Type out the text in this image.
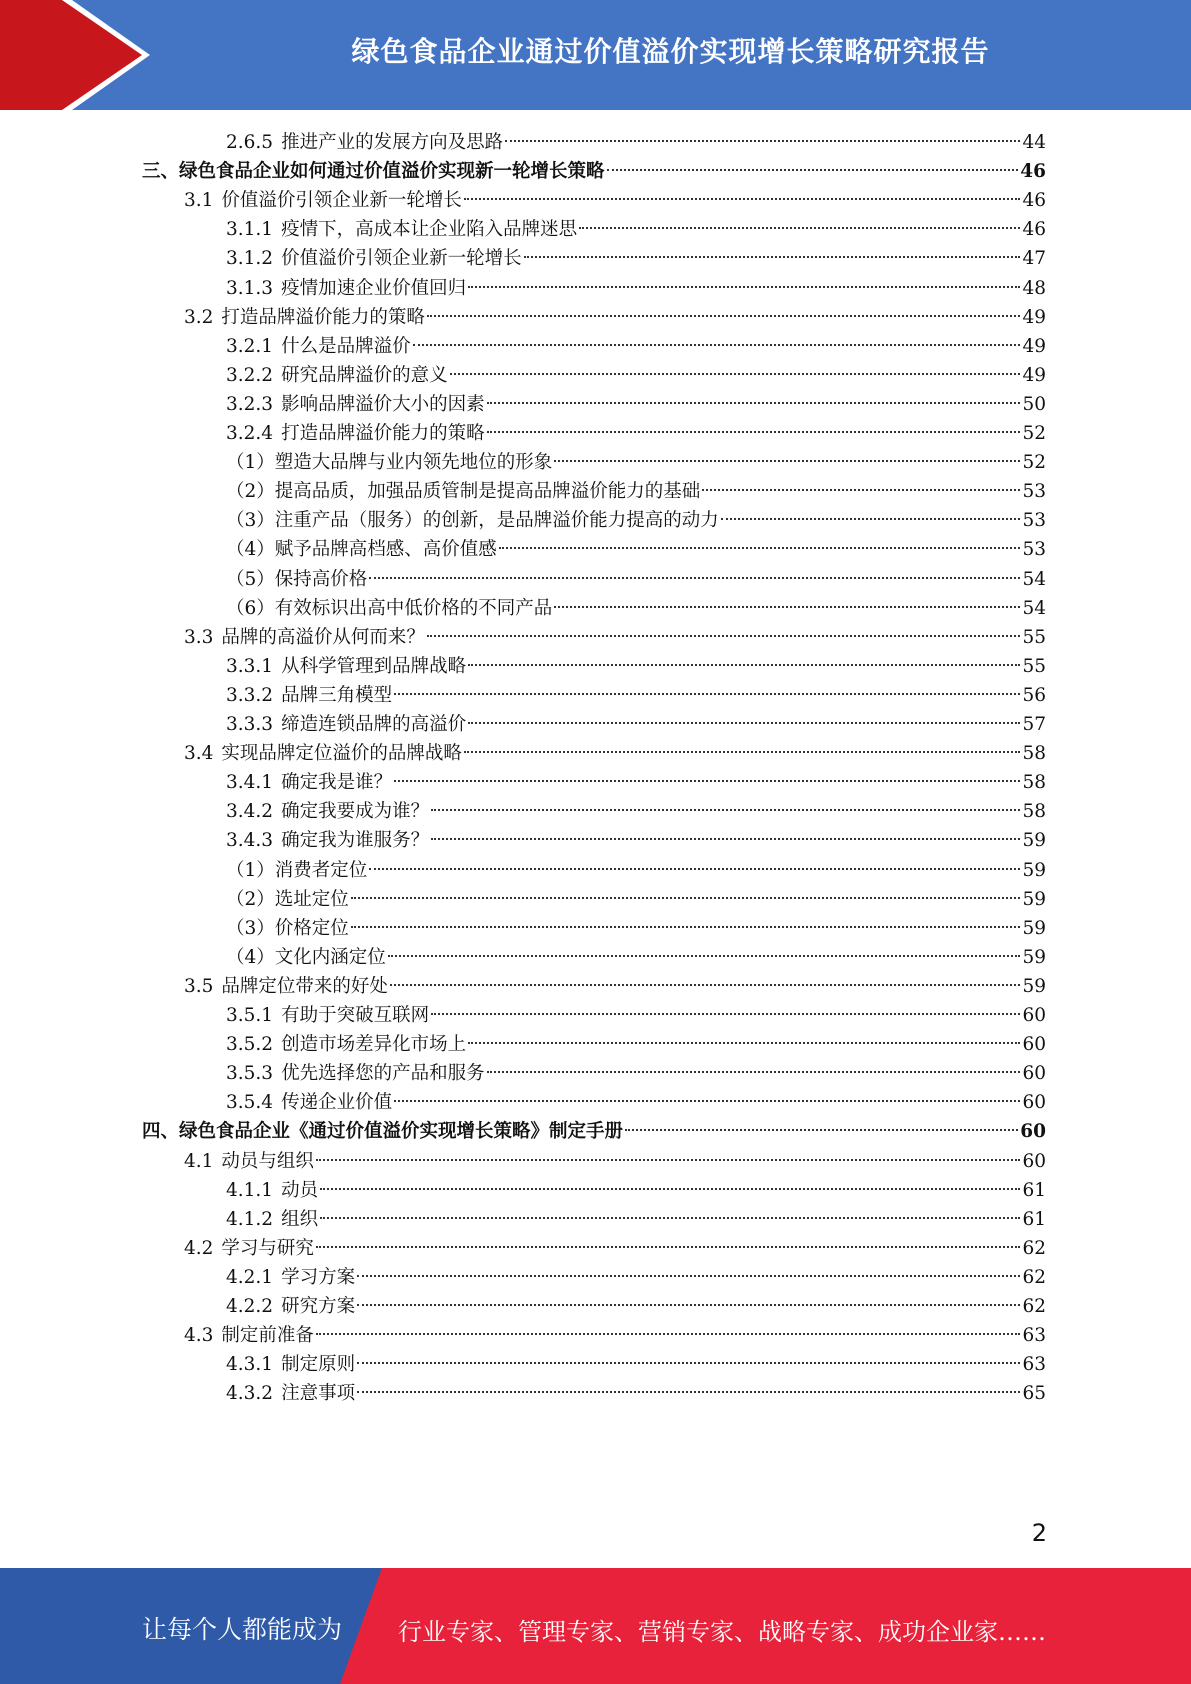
绿色食品企业通过价值溢价实现增长策略研究报告
2.6.5 推进产业的发展方向及思路	44
三、绿色食品企业如何通过价值溢价实现新一轮增长策略	46
3.1 价值溢价引领企业新一轮增长	46
3.1.1 疫情下，高成本让企业陷入品牌迷思	46
3.1.2 价值溢价引领企业新一轮增长	47
3.1.3 疫情加速企业价值回归	48
3.2 打造品牌溢价能力的策略	49
3.2.1 什么是品牌溢价	49
3.2.2 研究品牌溢价的意义	49
3.2.3 影响品牌溢价大小的因素	50
3.2.4 打造品牌溢价能力的策略	52
（1）塑造大品牌与业内领先地位的形象	52
（2）提高品质，加强品质管制是提高品牌溢价能力的基础	53
（3）注重产品（服务）的创新，是品牌溢价能力提高的动力	53
（4）赋予品牌高档感、高价值感	53
（5）保持高价格	54
（6）有效标识出高中低价格的不同产品	54
3.3 品牌的高溢价从何而来？	55
3.3.1 从科学管理到品牌战略	55
3.3.2 品牌三角模型	56
3.3.3 缔造连锁品牌的高溢价	57
3.4 实现品牌定位溢价的品牌战略	58
3.4.1 确定我是谁？	58
3.4.2 确定我要成为谁？	58
3.4.3 确定我为谁服务？	59
（1）消费者定位	59
（2）选址定位	59
（3）价格定位	59
（4）文化内涵定位	59
3.5 品牌定位带来的好处	59
3.5.1 有助于突破互联网	60
3.5.2 创造市场差异化市场上	60
3.5.3 优先选择您的产品和服务	60
3.5.4 传递企业价值	60
四、绿色食品企业《通过价值溢价实现增长策略》制定手册	60
4.1 动员与组织	60
4.1.1 动员	61
4.1.2 组织	61
4.2 学习与研究	62
4.2.1 学习方案	62
4.2.2 研究方案	62
4.3 制定前准备	63
4.3.1 制定原则	63
4.3.2 注意事项	65
2
让每个人都能成为 行业专家、管理专家、营销专家、战略专家、成功企业家……
